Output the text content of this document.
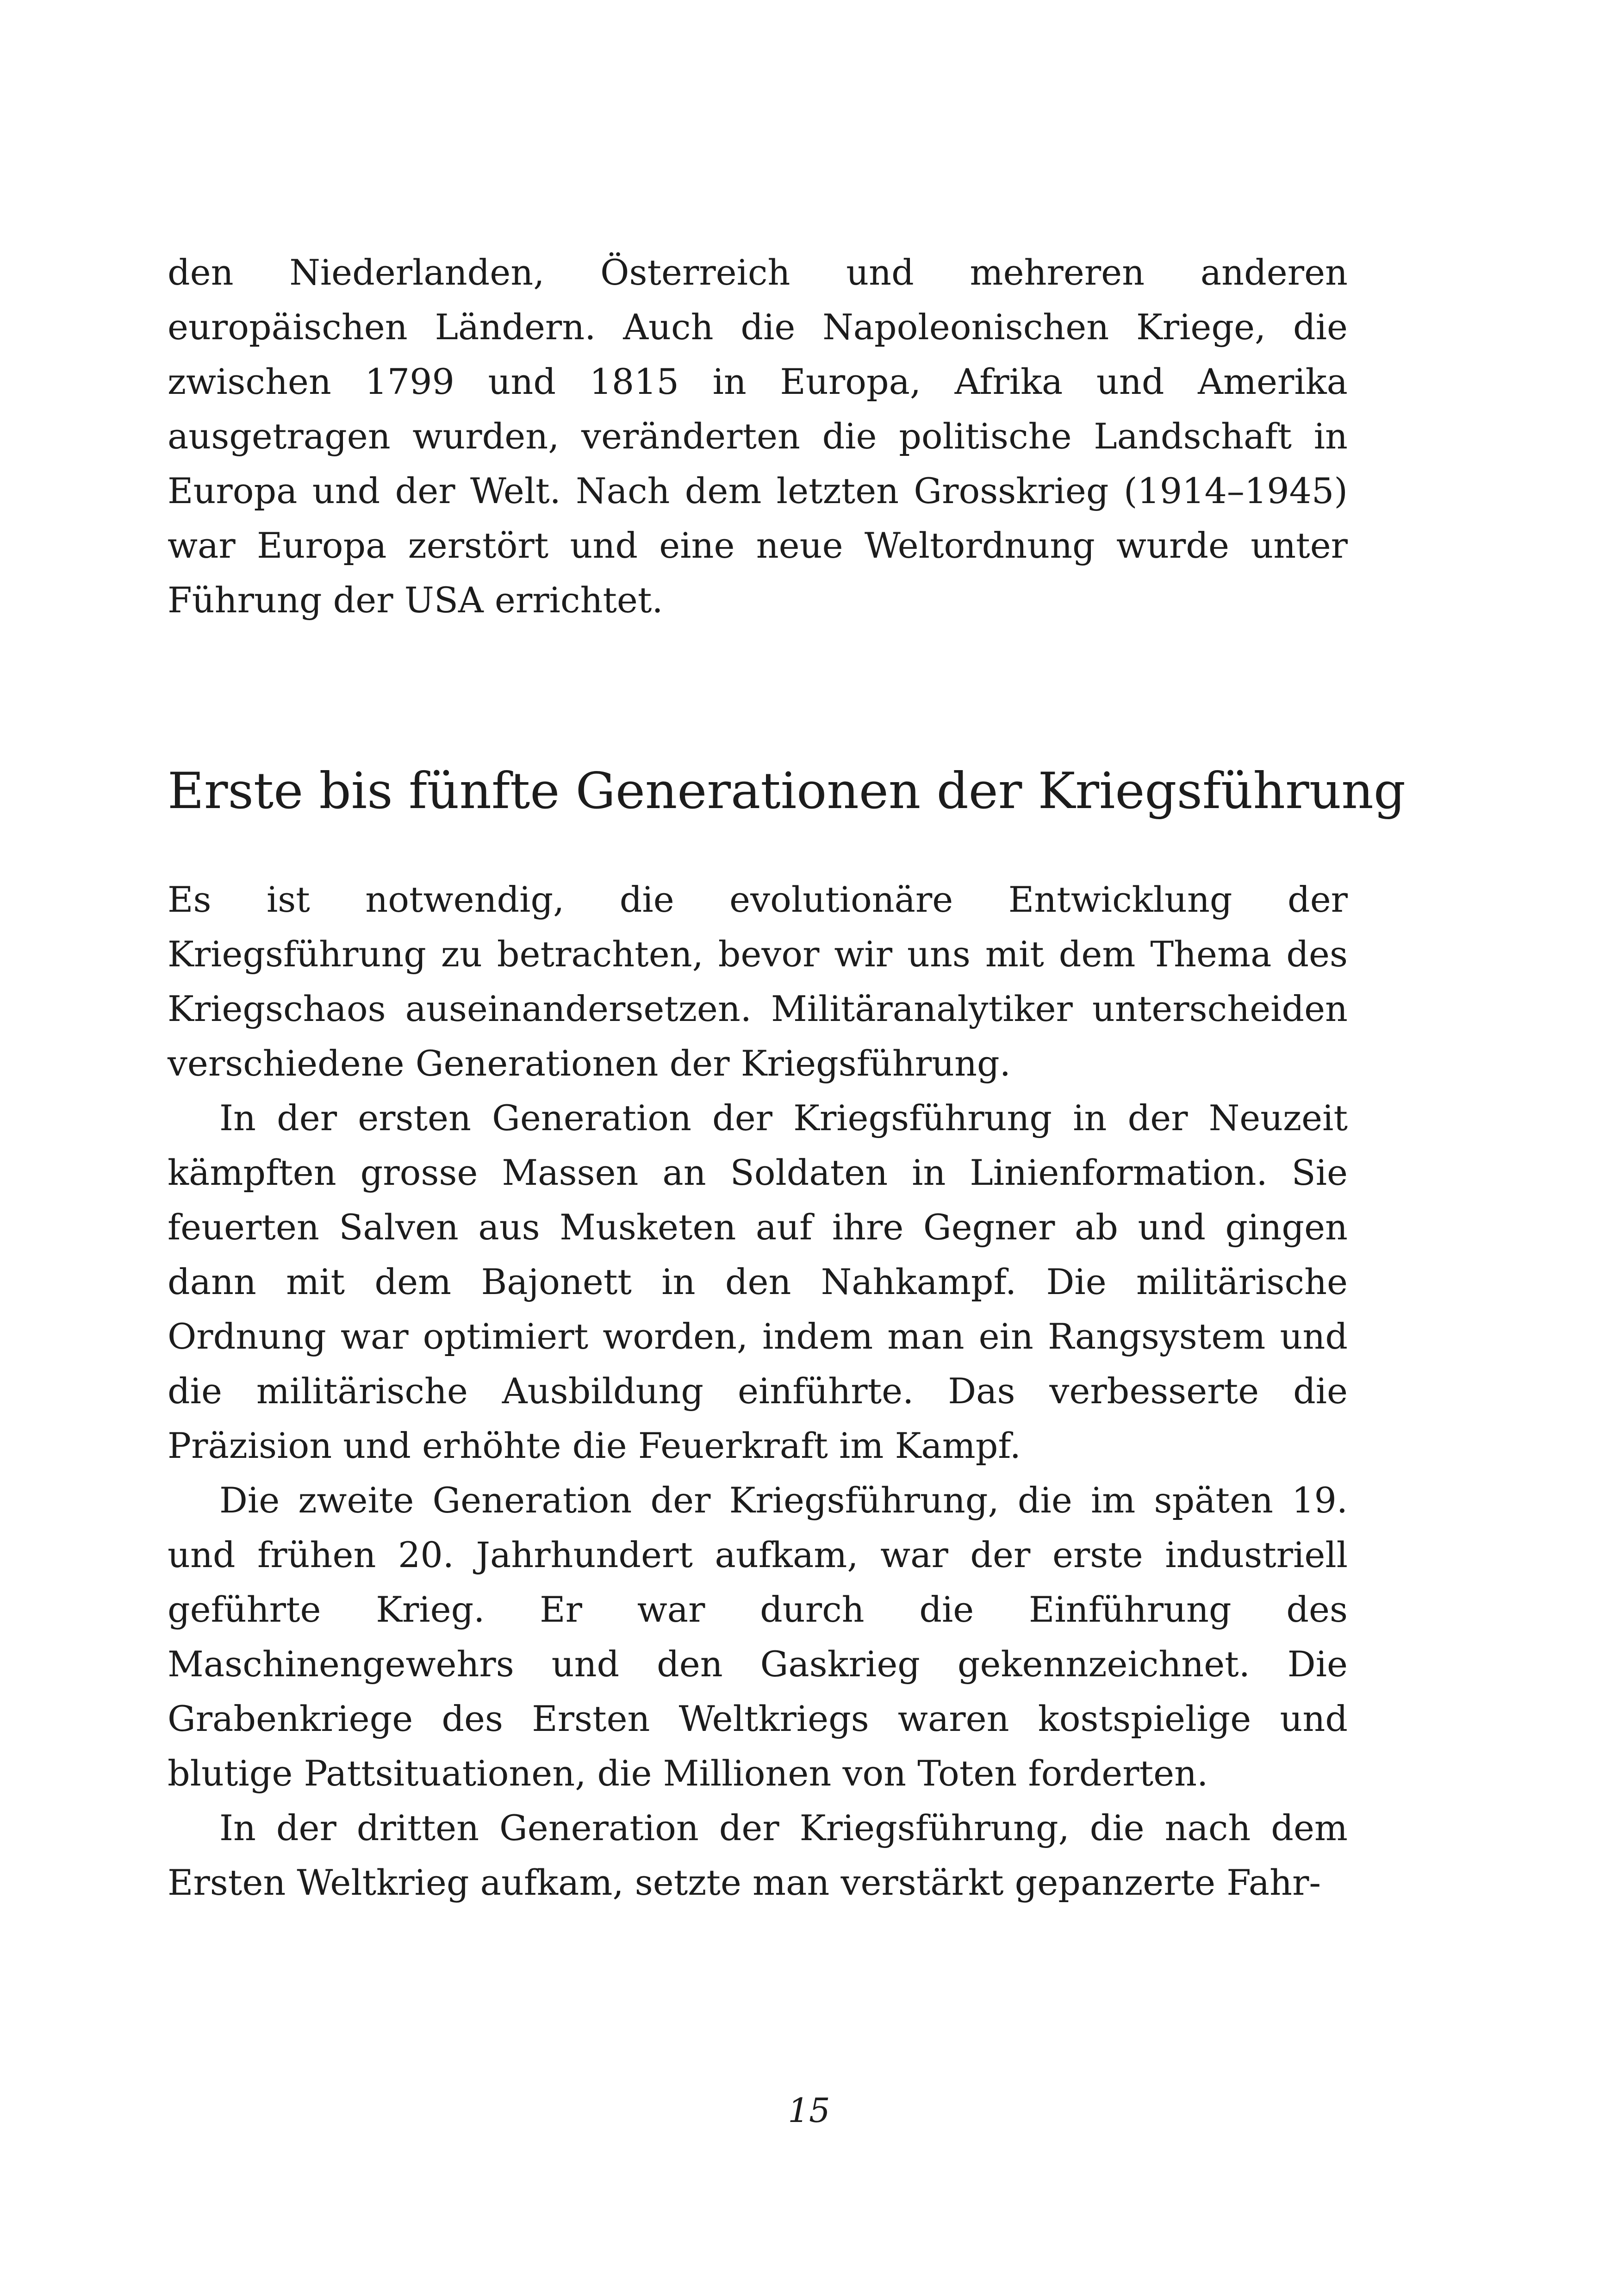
den Niederlanden, Österreich und mehreren anderen europäischen Ländern. Auch die Napoleonischen Kriege, die zwischen 1799 und 1815 in Europa, Afrika und Amerika ausgetragen wurden, veränderten die politische Landschaft in Europa und der Welt. Nach dem letzten Grosskrieg (1914–1945) war Europa zerstört und eine neue Weltordnung wurde unter Führung der USA errichtet.

Erste bis fünfte Generationen der Kriegsführung

Es ist notwendig, die evolutionäre Entwicklung der Kriegsführung zu betrachten, bevor wir uns mit dem Thema des Kriegschaos auseinandersetzen. Militäranalytiker unterscheiden verschiedene Generationen der Kriegsführung.

In der ersten Generation der Kriegsführung in der Neuzeit kämpften grosse Massen an Soldaten in Linienformation. Sie feuerten Salven aus Musketen auf ihre Gegner ab und gingen dann mit dem Bajonett in den Nahkampf. Die militärische Ordnung war optimiert worden, indem man ein Rangsystem und die militärische Ausbildung einführte. Das verbesserte die Präzision und erhöhte die Feuerkraft im Kampf.

Die zweite Generation der Kriegsführung, die im späten 19. und frühen 20. Jahrhundert aufkam, war der erste industriell geführte Krieg. Er war durch die Einführung des Maschinengewehrs und den Gaskrieg gekennzeichnet. Die Grabenkriege des Ersten Weltkriegs waren kostspielige und blutige Pattsituationen, die Millionen von Toten forderten.

In der dritten Generation der Kriegsführung, die nach dem Ersten Weltkrieg aufkam, setzte man verstärkt gepanzerte Fahr-

15
